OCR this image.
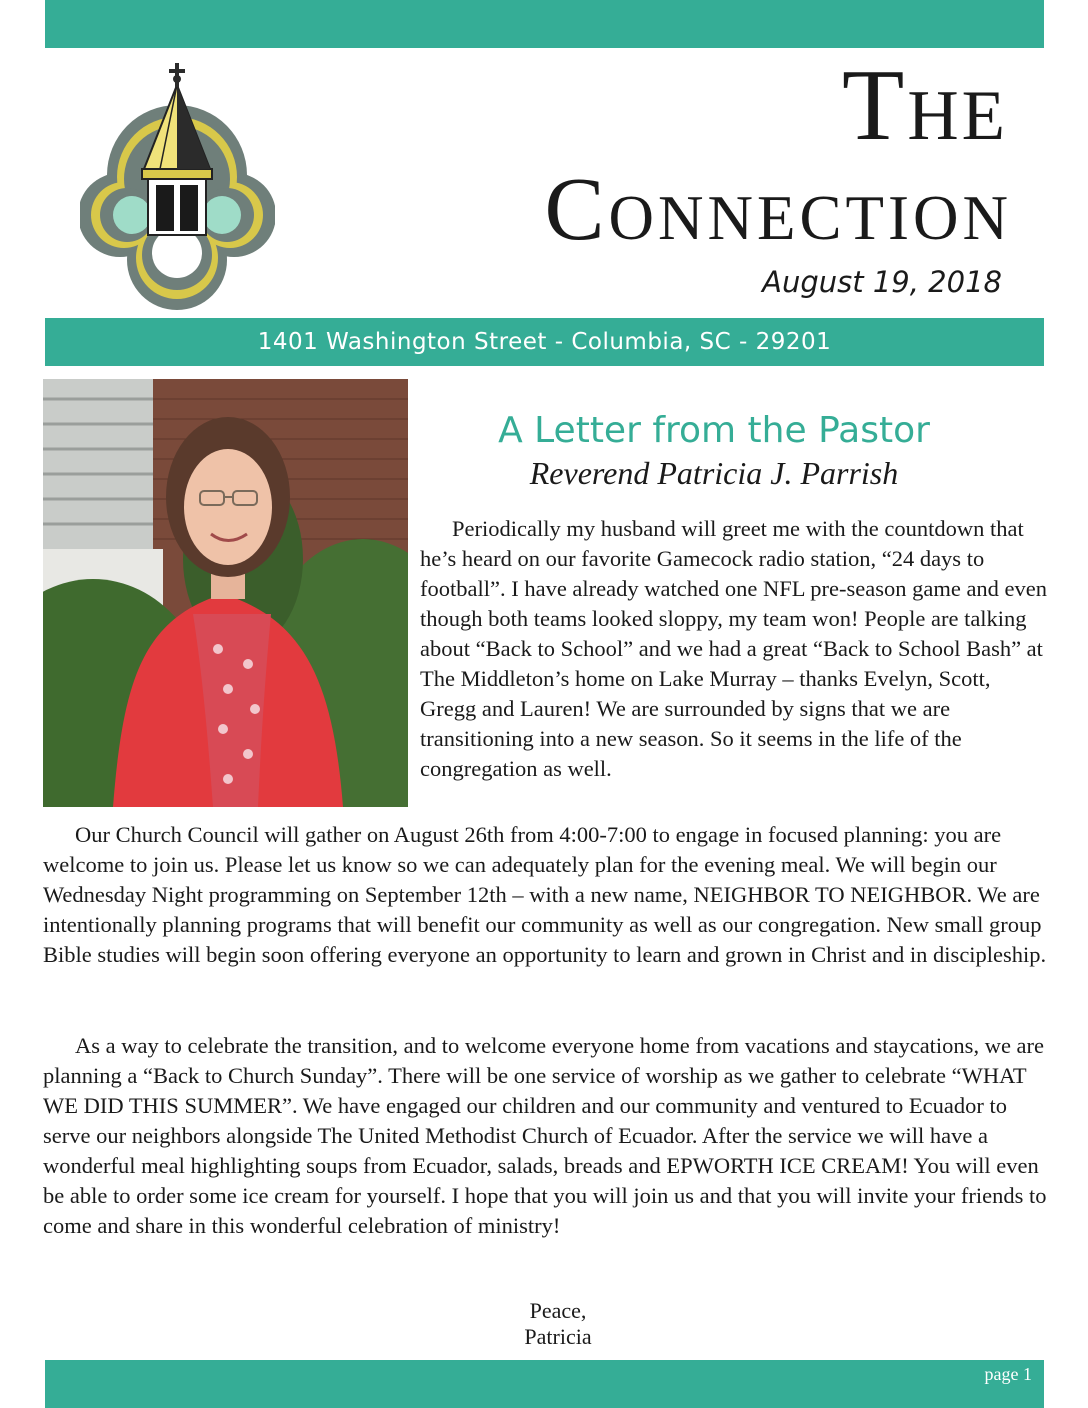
The
Connection
August 19, 2018
1401 Washington Street - Columbia, SC - 29201
A Letter from the Pastor
Reverend Patricia J. Parrish

Periodically my husband will greet me with the countdown that he’s heard on our favorite Gamecock radio station, “24 days to football”. I have already watched one NFL pre-season game and even though both teams looked sloppy, my team won! People are talking about “Back to School” and we had a great “Back to School Bash” at The Middleton’s home on Lake Murray – thanks Evelyn, Scott, Gregg and Lauren! We are surrounded by signs that we are transitioning into a new season. So it seems in the life of the congregation as well.

Our Church Council will gather on August 26th from 4:00-7:00 to engage in focused planning: you are welcome to join us. Please let us know so we can adequately plan for the evening meal. We will begin our Wednesday Night programming on September 12th – with a new name, NEIGHBOR TO NEIGHBOR. We are intentionally planning programs that will benefit our community as well as our congregation. New small group Bible studies will begin soon offering everyone an opportunity to learn and grown in Christ and in discipleship.

As a way to celebrate the transition, and to welcome everyone home from vacations and staycations, we are planning a “Back to Church Sunday”. There will be one service of worship as we gather to celebrate “WHAT WE DID THIS SUMMER”. We have engaged our children and our community and ventured to Ecuador to serve our neighbors alongside The United Methodist Church of Ecuador. After the service we will have a wonderful meal highlighting soups from Ecuador, salads, breads and EPWORTH ICE CREAM! You will even be able to order some ice cream for yourself. I hope that you will join us and that you will invite your friends to come and share in this wonderful celebration of ministry!

Peace,
Patricia
page 1
